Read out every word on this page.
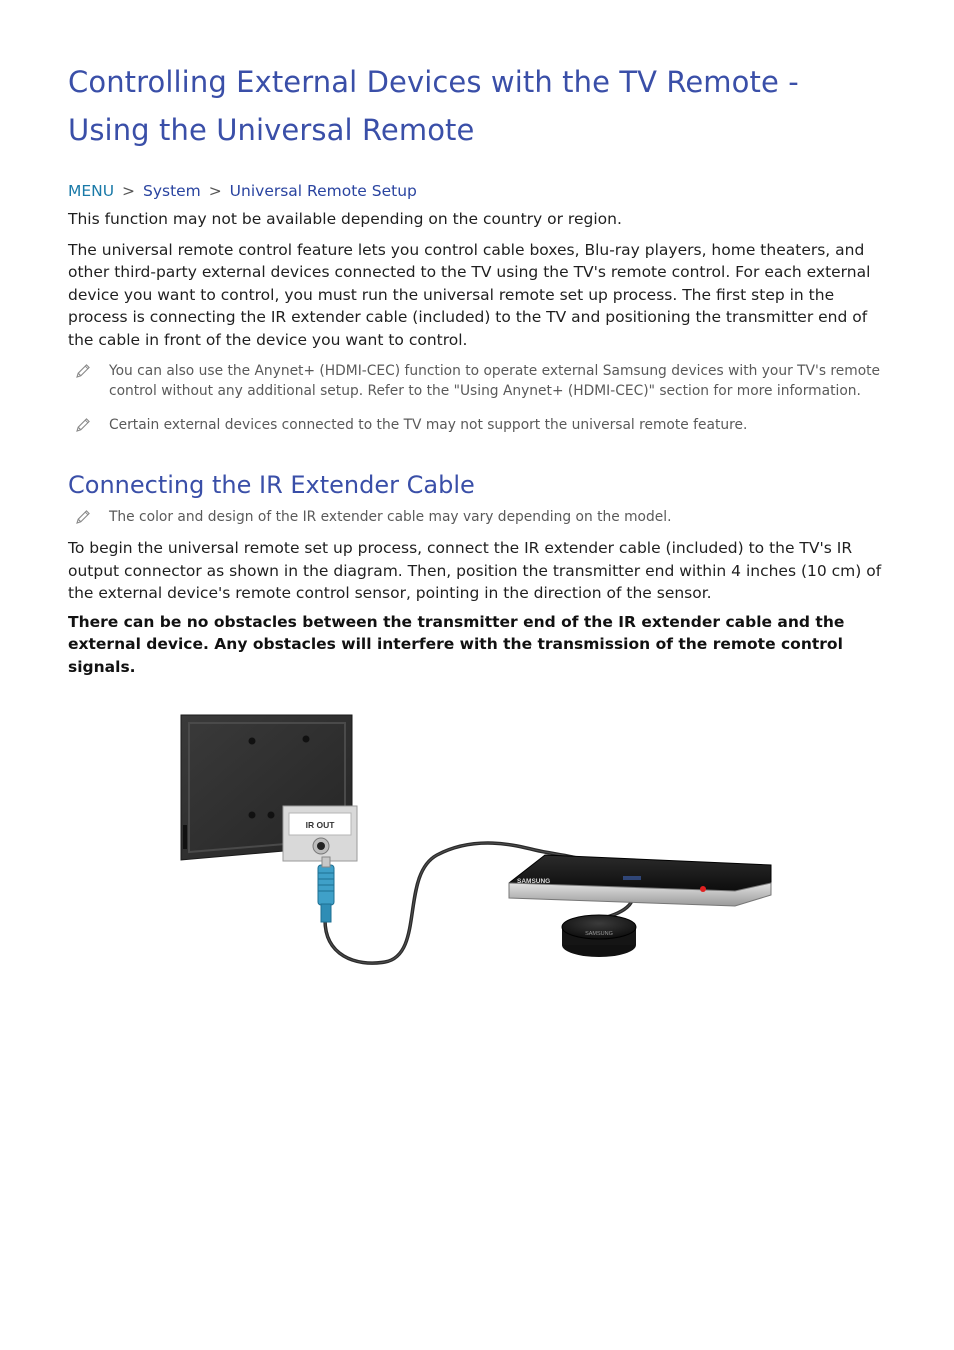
Controlling External Devices with the TV Remote -
Using the Universal Remote
MENU > System > Universal Remote Setup

This function may not be available depending on the country or region.

The universal remote control feature lets you control cable boxes, Blu-ray players, home theaters, and other third-party external devices connected to the TV using the TV's remote control. For each external device you want to control, you must run the universal remote set up process. The first step in the process is connecting the IR extender cable (included) to the TV and positioning the transmitter end of the cable in front of the device you want to control.

You can also use the Anynet+ (HDMI-CEC) function to operate external Samsung devices with your TV's remote control without any additional setup. Refer to the "Using Anynet+ (HDMI-CEC)" section for more information.
Certain external devices connected to the TV may not support the universal remote feature.
Connecting the IR Extender Cable
The color and design of the IR extender cable may vary depending on the model.

To begin the universal remote set up process, connect the IR extender cable (included) to the TV's IR output connector as shown in the diagram. Then, position the transmitter end within 4 inches (10 cm) of the external device's remote control sensor, pointing in the direction of the sensor.

There can be no obstacles between the transmitter end of the IR extender cable and the external device. Any obstacles will interfere with the transmission of the remote control signals.

IR OUT
SAMSUNG
SAMSUNG
